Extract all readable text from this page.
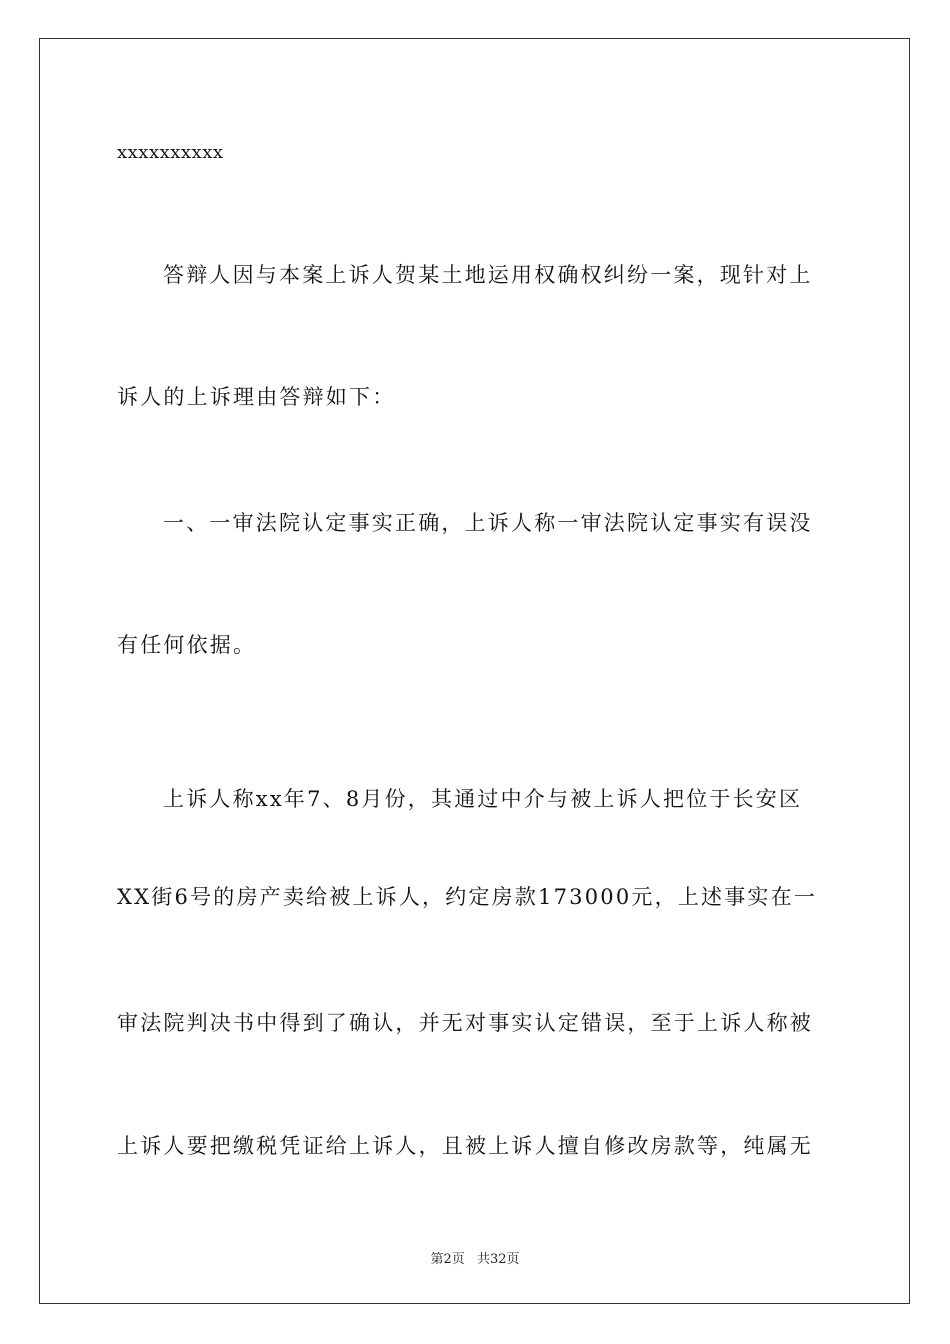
xxxxxxxxxx
答辩人因与本案上诉人贺某土地运用权确权纠纷一案，现针对上
诉人的上诉理由答辩如下：
一、一审法院认定事实正确，上诉人称一审法院认定事实有误没
有任何依据。
上诉人称xx年7、8月份，其通过中介与被上诉人把位于长安区
XX街6号的房产卖给被上诉人，约定房款173000元，上述事实在一
审法院判决书中得到了确认，并无对事实认定错误，至于上诉人称被
上诉人要把缴税凭证给上诉人，且被上诉人擅自修改房款等，纯属无
第2页 共32页
